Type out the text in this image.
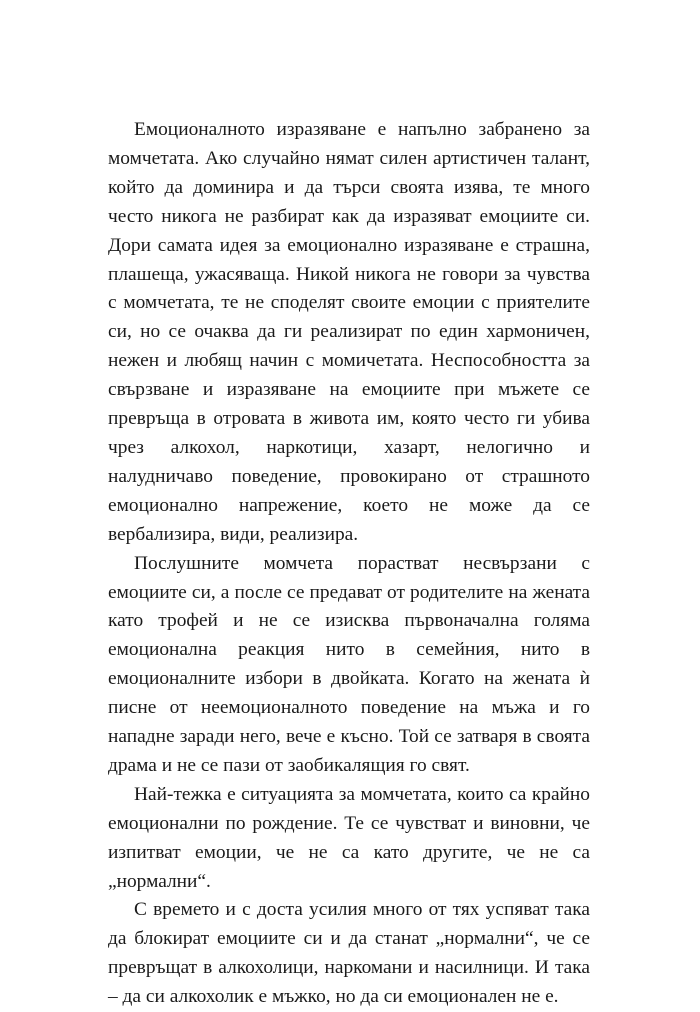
Емоционалното изразяване е напълно забранено за момчетата. Ако случайно нямат силен артистичен талант, който да доминира и да търси своята изява, те много често никога не разбират как да изразяват емоциите си. Дори самата идея за емоционално изразяване е страшна, плашеща, ужасяваща. Никой никога не говори за чувства с момчетата, те не споделят своите емоции с приятелите си, но се очаква да ги реализират по един хармоничен, нежен и любящ начин с момичетата. Неспособността за свързване и изразяване на емоциите при мъжете се превръща в отровата в живота им, която често ги убива чрез алкохол, наркотици, хазарт, нелогично и налудничаво поведение, провокирано от страшното емоционално напрежение, което не може да се вербализира, види, реализира.

Послушните момчета порастват несвързани с емоциите си, а после се предават от родителите на жената като трофей и не се изисква първоначална голяма емоционална реакция нито в семейния, нито в емоционалните избори в двойката. Когато на жената ѝ писне от неемоционалното поведение на мъжа и го нападне заради него, вече е късно. Той се затваря в своята драма и не се пази от заобикалящия го свят.

Най-тежка е ситуацията за момчетата, които са крайно емоционални по рождение. Те се чувстват и виновни, че изпитват емоции, че не са като другите, че не са „нормални“.

С времето и с доста усилия много от тях успяват така да блокират емоциите си и да станат „нормални“, че се превръщат в алкохолици, наркомани и насилници. И така – да си алкохолик е мъжко, но да си емоционален не е.
